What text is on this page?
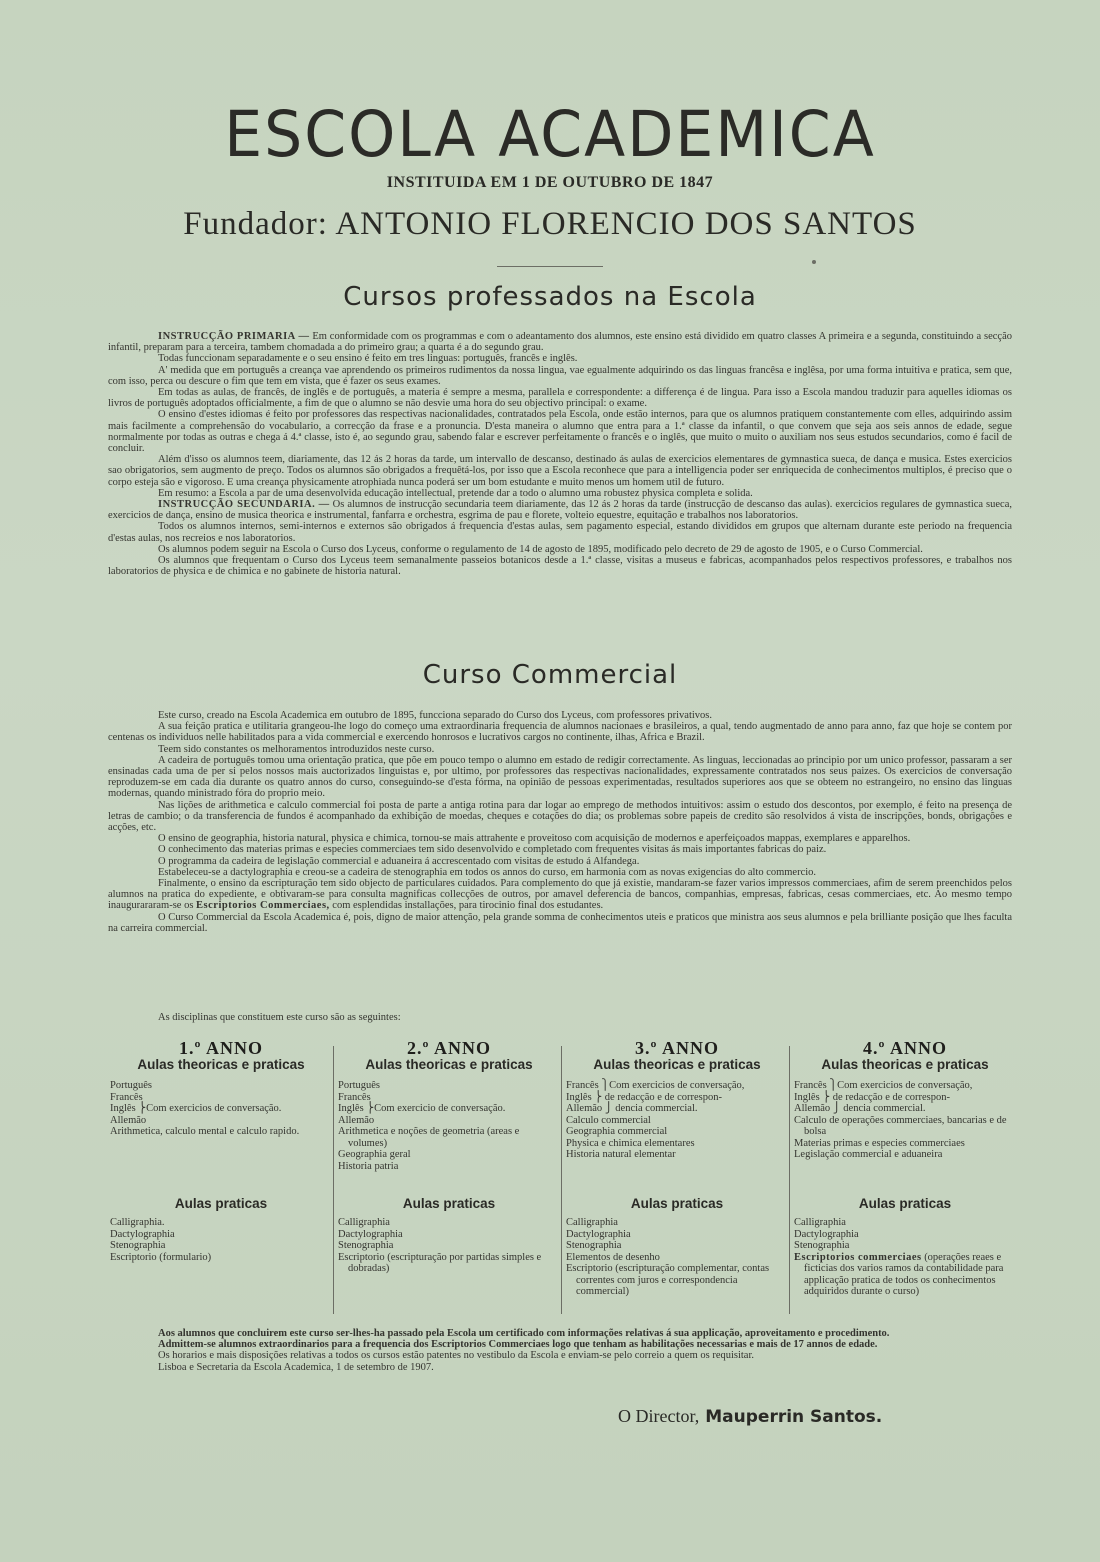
ESCOLA ACADEMICA
INSTITUIDA EM 1 DE OUTUBRO DE 1847
Fundador: ANTONIO FLORENCIO DOS SANTOS
Cursos professados na Escola

INSTRUCÇÃO PRIMARIA — Em conformidade com os programmas e com o adeantamento dos alumnos, este ensino está dividido em quatro classes A primeira e a segunda, constituindo a secção infantil, preparam para a terceira, tambem chomadada a do primeiro grau; a quarta é a do segundo grau.

Todas funccionam separadamente e o seu ensino é feito em tres linguas: português, francês e inglês.

A' medida que em português a creança vae aprendendo os primeiros rudimentos da nossa lingua, vae egualmente adquirindo os das linguas francêsa e inglêsa, por uma forma intuitiva e pratica, sem que, com isso, perca ou descure o fim que tem em vista, que é fazer os seus exames.

Em todas as aulas, de francês, de inglês e de português, a materia é sempre a mesma, parallela e correspondente: a differença é de lingua. Para isso a Escola mandou traduzir para aquelles idiomas os livros de português adoptados officialmente, a fim de que o alumno se não desvie uma hora do seu objectivo principal: o exame.

O ensino d'estes idiomas é feito por professores das respectivas nacionalidades, contratados pela Escola, onde estão internos, para que os alumnos pratiquem constantemente com elles, adquirindo assim mais facilmente a comprehensão do vocabulario, a correcção da frase e a pronuncia. D'esta maneira o alumno que entra para a 1.ª classe da infantil, o que convem que seja aos seis annos de edade, segue normalmente por todas as outras e chega á 4.ª classe, isto é, ao segundo grau, sabendo falar e escrever perfeitamente o francês e o inglês, que muito o muito o auxiliam nos seus estudos secundarios, como é facil de concluir.

Além d'isso os alumnos teem, diariamente, das 12 ás 2 horas da tarde, um intervallo de descanso, destinado ás aulas de exercicios elementares de gymnastica sueca, de dança e musica. Estes exercicios sao obrigatorios, sem augmento de preço. Todos os alumnos são obrigados a frequêtá-los, por isso que a Escola reconhece que para a intelligencia poder ser enriquecida de conhecimentos multiplos, é preciso que o corpo esteja são e vigoroso. E uma creança physicamente atrophiada nunca poderá ser um bom estudante e muito menos um homem util de futuro.

Em resumo: a Escola a par de uma desenvolvida educação intellectual, pretende dar a todo o alumno uma robustez physica completa e solida.

INSTRUCÇÃO SECUNDARIA. — Os alumnos de instrucção secundaria teem diariamente, das 12 ás 2 horas da tarde (instrucção de descanso das aulas). exercicios regulares de gymnastica sueca, exercicios de dança, ensino de musica theorica e instrumental, fanfarra e orchestra, esgrima de pau e florete, volteio equestre, equitação e trabalhos nos laboratorios.

Todos os alumnos internos, semi-internos e externos são obrigados á frequencia d'estas aulas, sem pagamento especial, estando divididos em grupos que alternam durante este periodo na frequencia d'estas aulas, nos recreios e nos laboratorios.

Os alumnos podem seguir na Escola o Curso dos Lyceus, conforme o regulamento de 14 de agosto de 1895, modificado pelo decreto de 29 de agosto de 1905, e o Curso Commercial.

Os alumnos que frequentam o Curso dos Lyceus teem semanalmente passeios botanicos desde a 1.ª classe, visitas a museus e fabricas, acompanhados pelos respectivos professores, e trabalhos nos laboratorios de physica e de chimica e no gabinete de historia natural.

Curso Commercial

Este curso, creado na Escola Academica em outubro de 1895, funcciona separado do Curso dos Lyceus, com professores privativos.

A sua feição pratica e utilitaria grangeou-lhe logo do começo uma extraordinaria frequencia de alumnos nacionaes e brasileiros, a qual, tendo augmentado de anno para anno, faz que hoje se contem por centenas os individuos nelle habilitados para a vida commercial e exercendo honrosos e lucrativos cargos no continente, ilhas, Africa e Brazil.

Teem sido constantes os melhoramentos introduzidos neste curso.

A cadeira de português tomou uma orientação pratica, que põe em pouco tempo o alumno em estado de redigir correctamente. As linguas, leccionadas ao principio por um unico professor, passaram a ser ensinadas cada uma de per si pelos nossos mais auctorizados linguistas e, por ultimo, por professores das respectivas nacionalidades, expressamente contratados nos seus paizes. Os exercicios de conversação reproduzem-se em cada dia durante os quatro annos do curso, conseguindo-se d'esta fórma, na opinião de pessoas experimentadas, resultados superiores aos que se obteem no estrangeiro, no ensino das linguas modernas, quando ministrado fóra do proprio meio.

Nas lições de arithmetica e calculo commercial foi posta de parte a antiga rotina para dar logar ao emprego de methodos intuitivos: assim o estudo dos descontos, por exemplo, é feito na presença de letras de cambio; o da transferencia de fundos é acompanhado da exhibição de moedas, cheques e cotações do dia; os problemas sobre papeis de credito são resolvidos á vista de inscripções, bonds, obrigações e acções, etc.

O ensino de geographia, historia natural, physica e chimica, tornou-se mais attrahente e proveitoso com acquisição de modernos e aperfeiçoados mappas, exemplares e apparelhos.

O conhecimento das materias primas e especies commerciaes tem sido desenvolvido e completado com frequentes visitas ás mais importantes fabricas do paiz.

O programma da cadeira de legislação commercial e aduaneira á accrescentado com visitas de estudo á Alfandega.

Estabeleceu-se a dactylographia e creou-se a cadeira de stenographia em todos os annos do curso, em harmonia com as novas exigencias do alto commercio.

Finalmente, o ensino da escripturação tem sido objecto de particulares cuidados. Para complemento do que já existie, mandaram-se fazer varios impressos commerciaes, afim de serem preenchidos pelos alumnos na pratica do expediente, e obtivaram-se para consulta magnificas collecções de outros, por amavel deferencia de bancos, companhias, empresas, fabricas, cesas commerciaes, etc. Ao mesmo tempo inaugurararam-se os Escriptorios Commerciaes, com esplendidas installações, para tirocinio final dos estudantes.

O Curso Commercial da Escola Academica é, pois, digno de maior attenção, pela grande somma de conhecimentos uteis e praticos que ministra aos seus alumnos e pela brilliante posição que lhes faculta na carreira commercial.

As disciplinas que constituem este curso são as seguintes:
1.º ANNO
Aulas theoricas e praticas
Português
Francês
Inglês ⎬Com exercicios de conversação.
Allemão
Arithmetica, calculo mental e calculo rapido.
Aulas praticas
Calligraphia.
Dactylographia
Stenographia
Escriptorio (formulario)
2.º ANNO
Aulas theoricas e praticas
Português
Francês
Inglês ⎬Com exercicio de conversação.
Allemão
Arithmetica e noções de geometria (areas e volumes)
Geographia geral
Historia patria
Aulas praticas
Calligraphia
Dactylographia
Stenographia
Escriptorio (escripturação por partidas simples e dobradas)
3.º ANNO
Aulas theoricas e praticas
Francês ⎫Com exercicios de conversação,
Inglês ⎬ de redacção e de correspon-
Allemão ⎭ dencia commercial.
Calculo commercial
Geographia commercial
Physica e chimica elementares
Historia natural elementar
Aulas praticas
Calligraphia
Dactylographia
Stenographia
Elementos de desenho
Escriptorio (escripturação complementar, contas correntes com juros e correspondencia commercial)
4.º ANNO
Aulas theoricas e praticas
Francês ⎫Com exercicios de conversação,
Inglês ⎬ de redacção e de correspon-
Allemão ⎭ dencia commercial.
Calculo de operações commerciaes, bancarias e de bolsa
Materias primas e especies commerciaes
Legislação commercial e aduaneira
Aulas praticas
Calligraphia
Dactylographia
Stenographia
Escriptorios commerciaes (operações reaes e ficticias dos varios ramos da contabilidade para applicação pratica de todos os conhecimentos adquiridos durante o curso)

Aos alumnos que concluirem este curso ser-lhes-ha passado pela Escola um certificado com informações relativas á sua applicação, aproveitamento e procedimento.

Admittem-se alumnos extraordinarios para a frequencia dos Escriptorios Commerciaes logo que tenham as habilitações necessarias e mais de 17 annos de edade.

Os horarios e mais disposições relativas a todos os cursos estão patentes no vestibulo da Escola e enviam-se pelo correio a quem os requisitar.

Lisboa e Secretaria da Escola Academica, 1 de setembro de 1907.

O Director, Mauperrin Santos.
